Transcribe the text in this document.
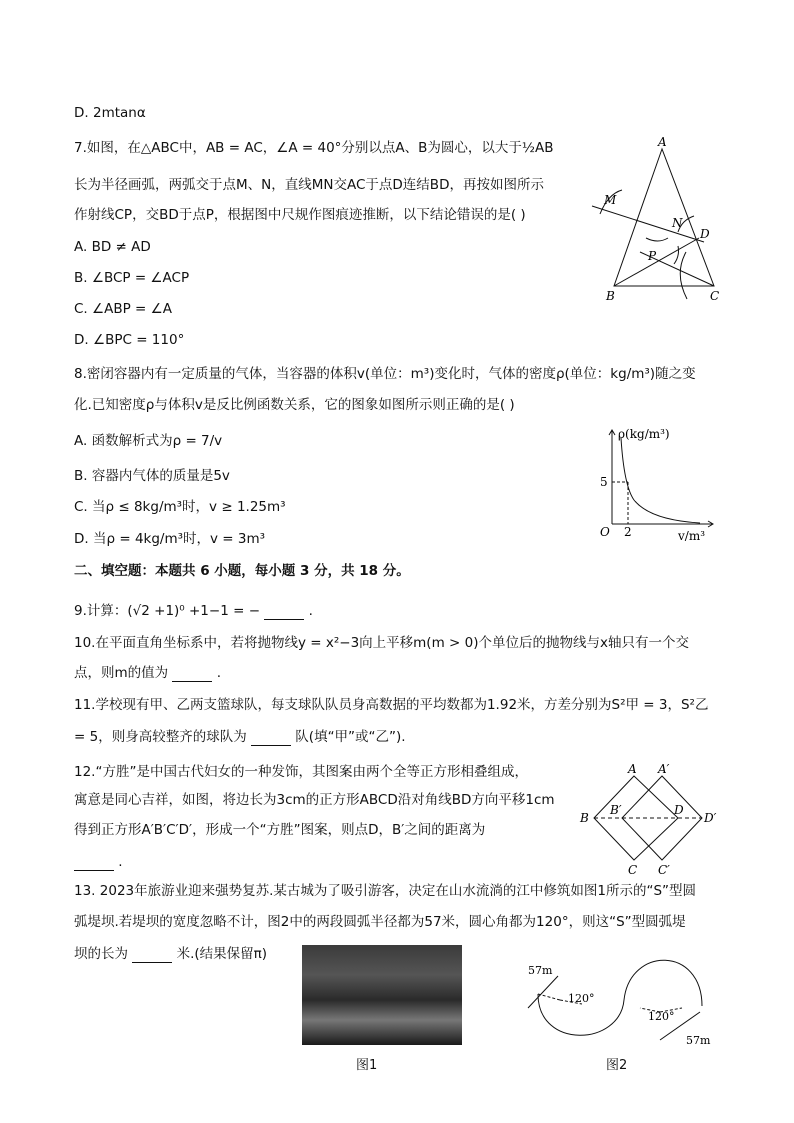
D. 2mtanα
7.如图，在△ABC中，AB = AC，∠A = 40°分别以点A、B为圆心，以大于½AB
长为半径画弧，两弧交于点M、N，直线MN交AC于点D连结BD，再按如图所示
作射线CP，交BD于点P，根据图中尺规作图痕迹推断，以下结论错误的是( )
A. BD ≠ AD
B. ∠BCP = ∠ACP
C. ∠ABP = ∠A
D. ∠BPC = 110°
A
B	C
D
M
N
P
8.密闭容器内有一定质量的气体，当容器的体积v(单位：m³)变化时，气体的密度ρ(单位：kg/m³)随之变
化.已知密度ρ与体积v是反比例函数关系，它的图象如图所示则正确的是( )
A. 函数解析式为ρ = 7/v
B. 容器内气体的质量是5v
C. 当ρ ≤ 8kg/m³时，v ≥ 1.25m³
D. 当ρ = 4kg/m³时，v = 3m³
ρ(kg/m³)
v/m³
O
5
2
二、填空题：本题共 6 小题，每小题 3 分，共 18 分。
9.计算：(√2 +1)⁰ +1−1 = −	.
10.在平面直角坐标系中，若将抛物线y = x²−3向上平移m(m > 0)个单位后的抛物线与x轴只有一个交
点，则m的值为	.
11.学校现有甲、乙两支篮球队，每支球队队员身高数据的平均数都为1.92米，方差分别为S²甲 = 3，S²乙
= 5，则身高较整齐的球队为	队(填“甲”或“乙”).
12.“方胜”是中国古代妇女的一种发饰，其图案由两个全等正方形相叠组成，
寓意是同心吉祥，如图，将边长为3cm的正方形ABCD沿对角线BD方向平移1cm
得到正方形A′B′C′D′，形成一个“方胜”图案，则点D，B′之间的距离为
.
A A′
B
B′	D
D′
C C′
13. 2023年旅游业迎来强势复苏.某古城为了吸引游客，决定在山水流淌的江中修筑如图1所示的“S”型圆
弧堤坝.若堤坝的宽度忽略不计，图2中的两段圆弧半径都为57米，圆心角都为120°，则这“S”型圆弧堤
坝的长为	米.(结果保留π)
图1
57m
120°
120°
57m
图2
